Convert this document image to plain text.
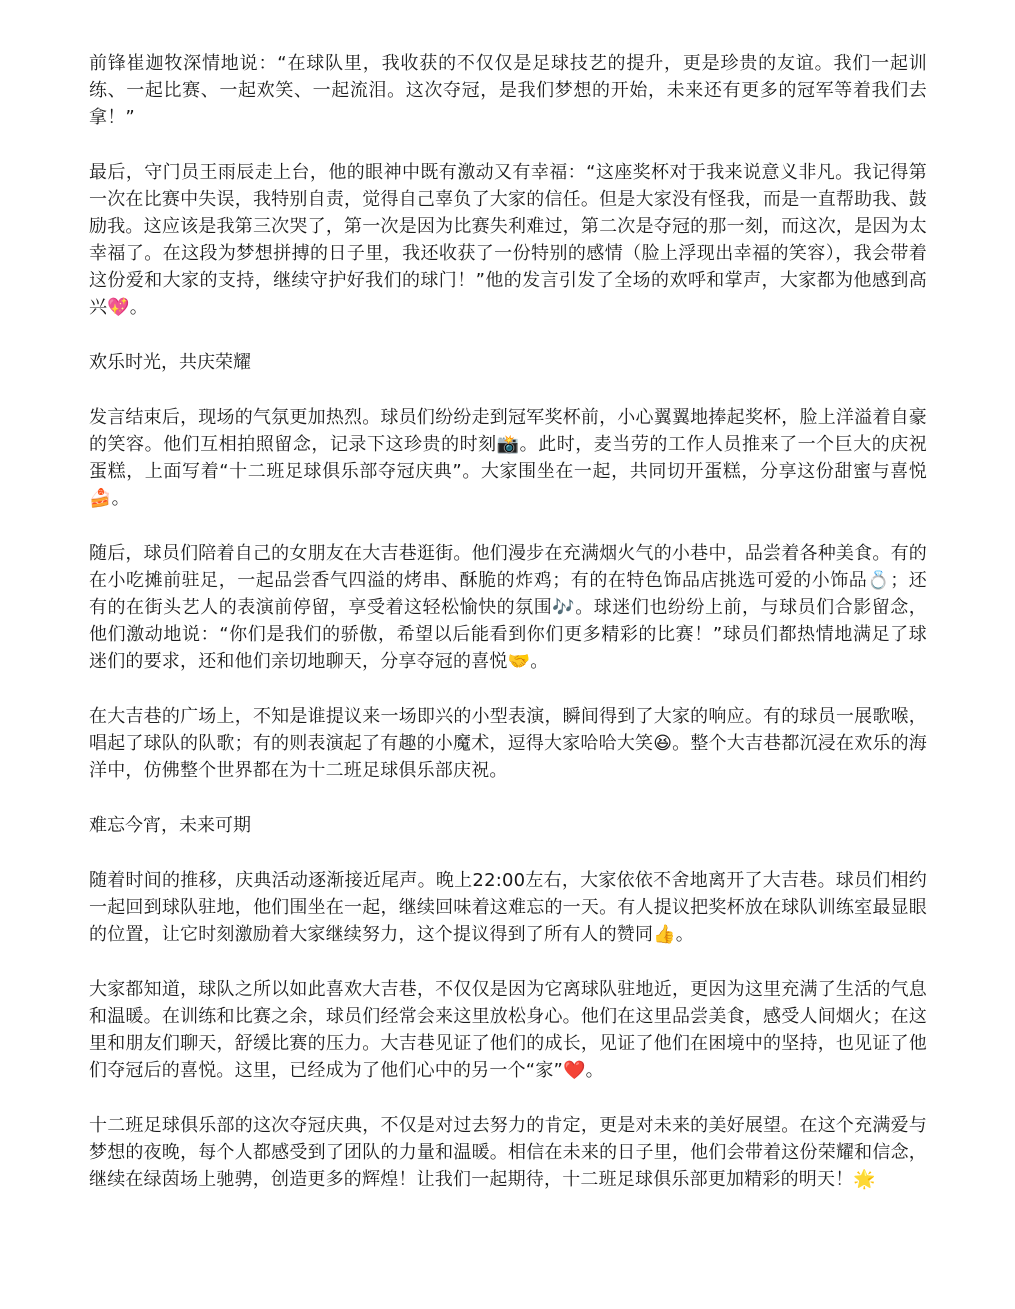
前锋崔迦牧深情地说：“在球队里，我收获的不仅仅是足球技艺的提升，更是珍贵的友谊。我们一起训练、一起比赛、一起欢笑、一起流泪。这次夺冠，是我们梦想的开始，未来还有更多的冠军等着我们去拿！”

最后，守门员王雨辰走上台，他的眼神中既有激动又有幸福：“这座奖杯对于我来说意义非凡。我记得第一次在比赛中失误，我特别自责，觉得自己辜负了大家的信任。但是大家没有怪我，而是一直帮助我、鼓励我。这应该是我第三次哭了，第一次是因为比赛失利难过，第二次是夺冠的那一刻，而这次，是因为太幸福了。在这段为梦想拼搏的日子里，我还收获了一份特别的感情（脸上浮现出幸福的笑容），我会带着这份爱和大家的支持，继续守护好我们的球门！”他的发言引发了全场的欢呼和掌声，大家都为他感到高兴💖。

欢乐时光，共庆荣耀

发言结束后，现场的气氛更加热烈。球员们纷纷走到冠军奖杯前，小心翼翼地捧起奖杯，脸上洋溢着自豪的笑容。他们互相拍照留念，记录下这珍贵的时刻📸。此时，麦当劳的工作人员推来了一个巨大的庆祝蛋糕，上面写着“十二班足球俱乐部夺冠庆典”。大家围坐在一起，共同切开蛋糕，分享这份甜蜜与喜悦🍰。

随后，球员们陪着自己的女朋友在大吉巷逛街。他们漫步在充满烟火气的小巷中，品尝着各种美食。有的在小吃摊前驻足，一起品尝香气四溢的烤串、酥脆的炸鸡；有的在特色饰品店挑选可爱的小饰品💍；还有的在街头艺人的表演前停留，享受着这轻松愉快的氛围🎶。球迷们也纷纷上前，与球员们合影留念，他们激动地说：“你们是我们的骄傲，希望以后能看到你们更多精彩的比赛！”球员们都热情地满足了球迷们的要求，还和他们亲切地聊天，分享夺冠的喜悦🤝。

在大吉巷的广场上，不知是谁提议来一场即兴的小型表演，瞬间得到了大家的响应。有的球员一展歌喉，唱起了球队的队歌；有的则表演起了有趣的小魔术，逗得大家哈哈大笑😆。整个大吉巷都沉浸在欢乐的海洋中，仿佛整个世界都在为十二班足球俱乐部庆祝。

难忘今宵，未来可期

随着时间的推移，庆典活动逐渐接近尾声。晚上22:00左右，大家依依不舍地离开了大吉巷。球员们相约一起回到球队驻地，他们围坐在一起，继续回味着这难忘的一天。有人提议把奖杯放在球队训练室最显眼的位置，让它时刻激励着大家继续努力，这个提议得到了所有人的赞同👍。

大家都知道，球队之所以如此喜欢大吉巷，不仅仅是因为它离球队驻地近，更因为这里充满了生活的气息和温暖。在训练和比赛之余，球员们经常会来这里放松身心。他们在这里品尝美食，感受人间烟火；在这里和朋友们聊天，舒缓比赛的压力。大吉巷见证了他们的成长，见证了他们在困境中的坚持，也见证了他们夺冠后的喜悦。这里，已经成为了他们心中的另一个“家”❤️。

十二班足球俱乐部的这次夺冠庆典，不仅是对过去努力的肯定，更是对未来的美好展望。在这个充满爱与梦想的夜晚，每个人都感受到了团队的力量和温暖。相信在未来的日子里，他们会带着这份荣耀和信念，继续在绿茵场上驰骋，创造更多的辉煌！让我们一起期待，十二班足球俱乐部更加精彩的明天！🌟
